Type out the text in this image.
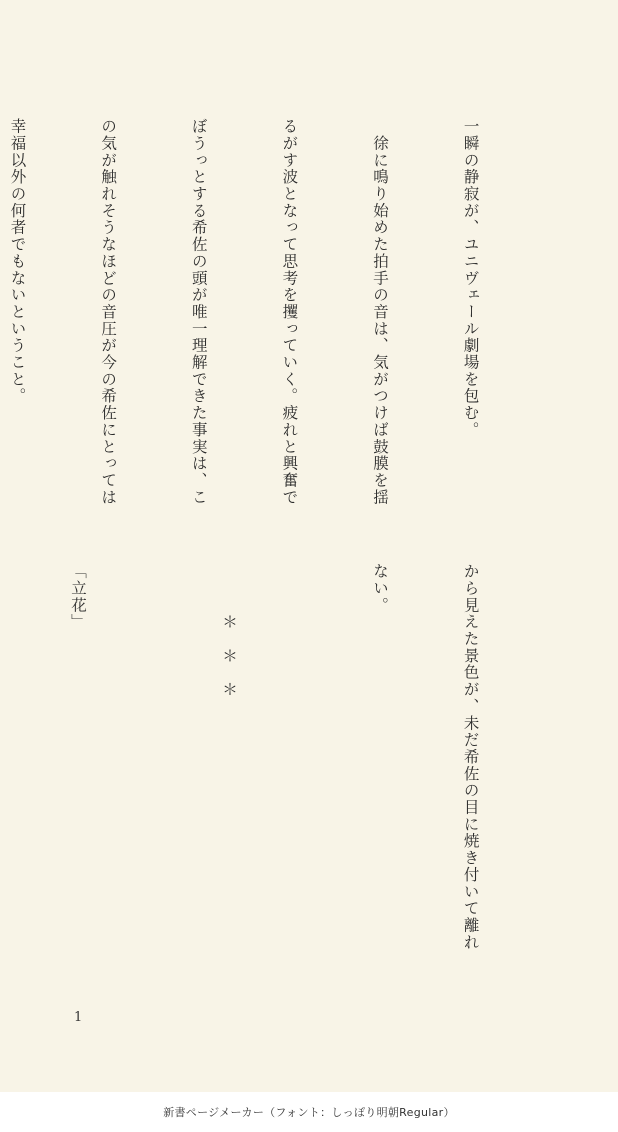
一瞬の静寂が、ユニヴェール劇場を包む。

　徐に鳴り始めた拍手の音は、気がつけば鼓膜を揺

るがす波となって思考を攫っていく。疲れと興奮で

ぼうっとする希佐の頭が唯一理解できた事実は、こ

の気が触れそうなほどの音圧が今の希佐にとっては

幸福以外の何者でもないということ。

から見えた景色が、未だ希佐の目に焼き付いて離れ

ない。

　　　＊　＊　＊

「立花」

1
新書ページメーカー（フォント：しっぽり明朝Regular）
